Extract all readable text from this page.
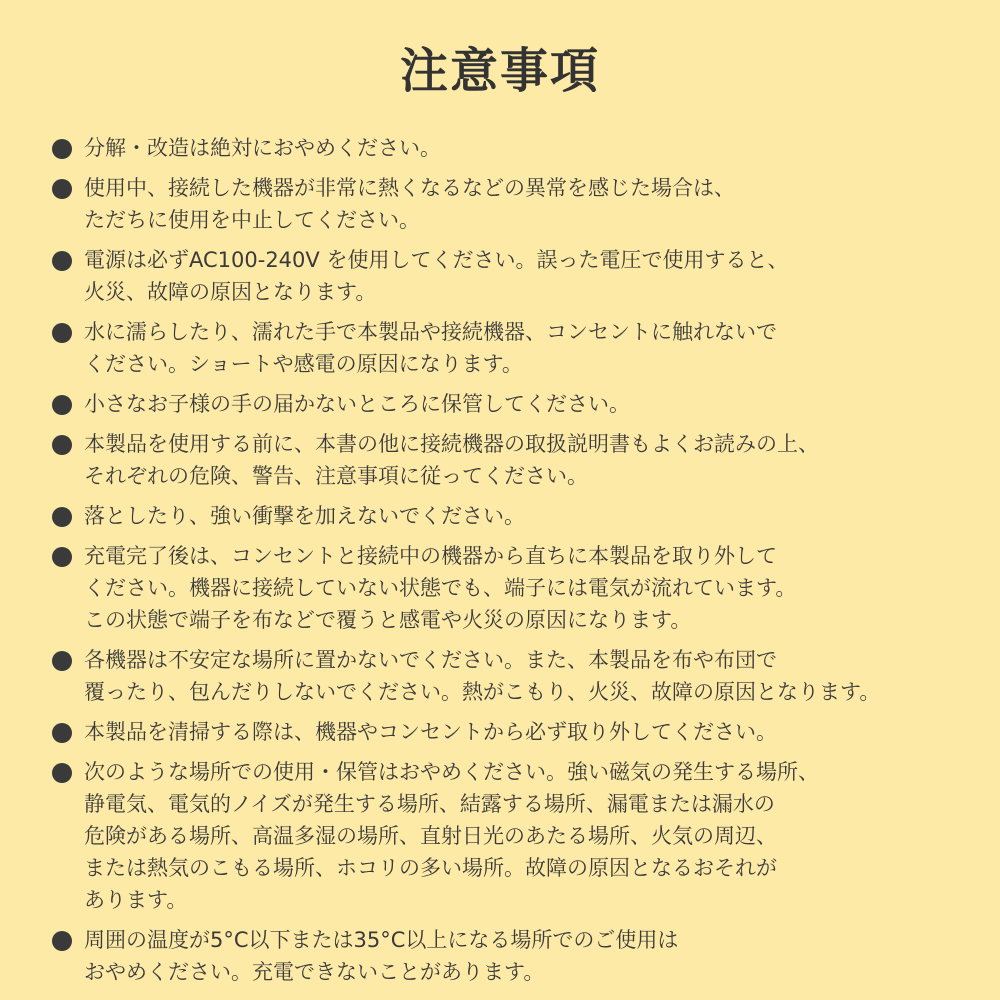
注意事項
分解・改造は絶対におやめください。
使用中、接続した機器が非常に熱くなるなどの異常を感じた場合は、
ただちに使用を中止してください。
電源は必ずAC100-240V を使用してください。誤った電圧で使用すると、
火災、故障の原因となります。
水に濡らしたり、濡れた手で本製品や接続機器、コンセントに触れないで
ください。ショートや感電の原因になります。
小さなお子様の手の届かないところに保管してください。
本製品を使用する前に、本書の他に接続機器の取扱説明書もよくお読みの上、
それぞれの危険、警告、注意事項に従ってください。
落としたり、強い衝撃を加えないでください。
充電完了後は、コンセントと接続中の機器から直ちに本製品を取り外して
ください。機器に接続していない状態でも、端子には電気が流れています。
この状態で端子を布などで覆うと感電や火災の原因になります。
各機器は不安定な場所に置かないでください。また、本製品を布や布団で
覆ったり、包んだりしないでください。熱がこもり、火災、故障の原因となります。
本製品を清掃する際は、機器やコンセントから必ず取り外してください。
次のような場所での使用・保管はおやめください。強い磁気の発生する場所、
静電気、電気的ノイズが発生する場所、結露する場所、漏電または漏水の
危険がある場所、高温多湿の場所、直射日光のあたる場所、火気の周辺、
または熱気のこもる場所、ホコリの多い場所。故障の原因となるおそれが
あります。
周囲の温度が5°C以下または35°C以上になる場所でのご使用は
おやめください。充電できないことがあります。
